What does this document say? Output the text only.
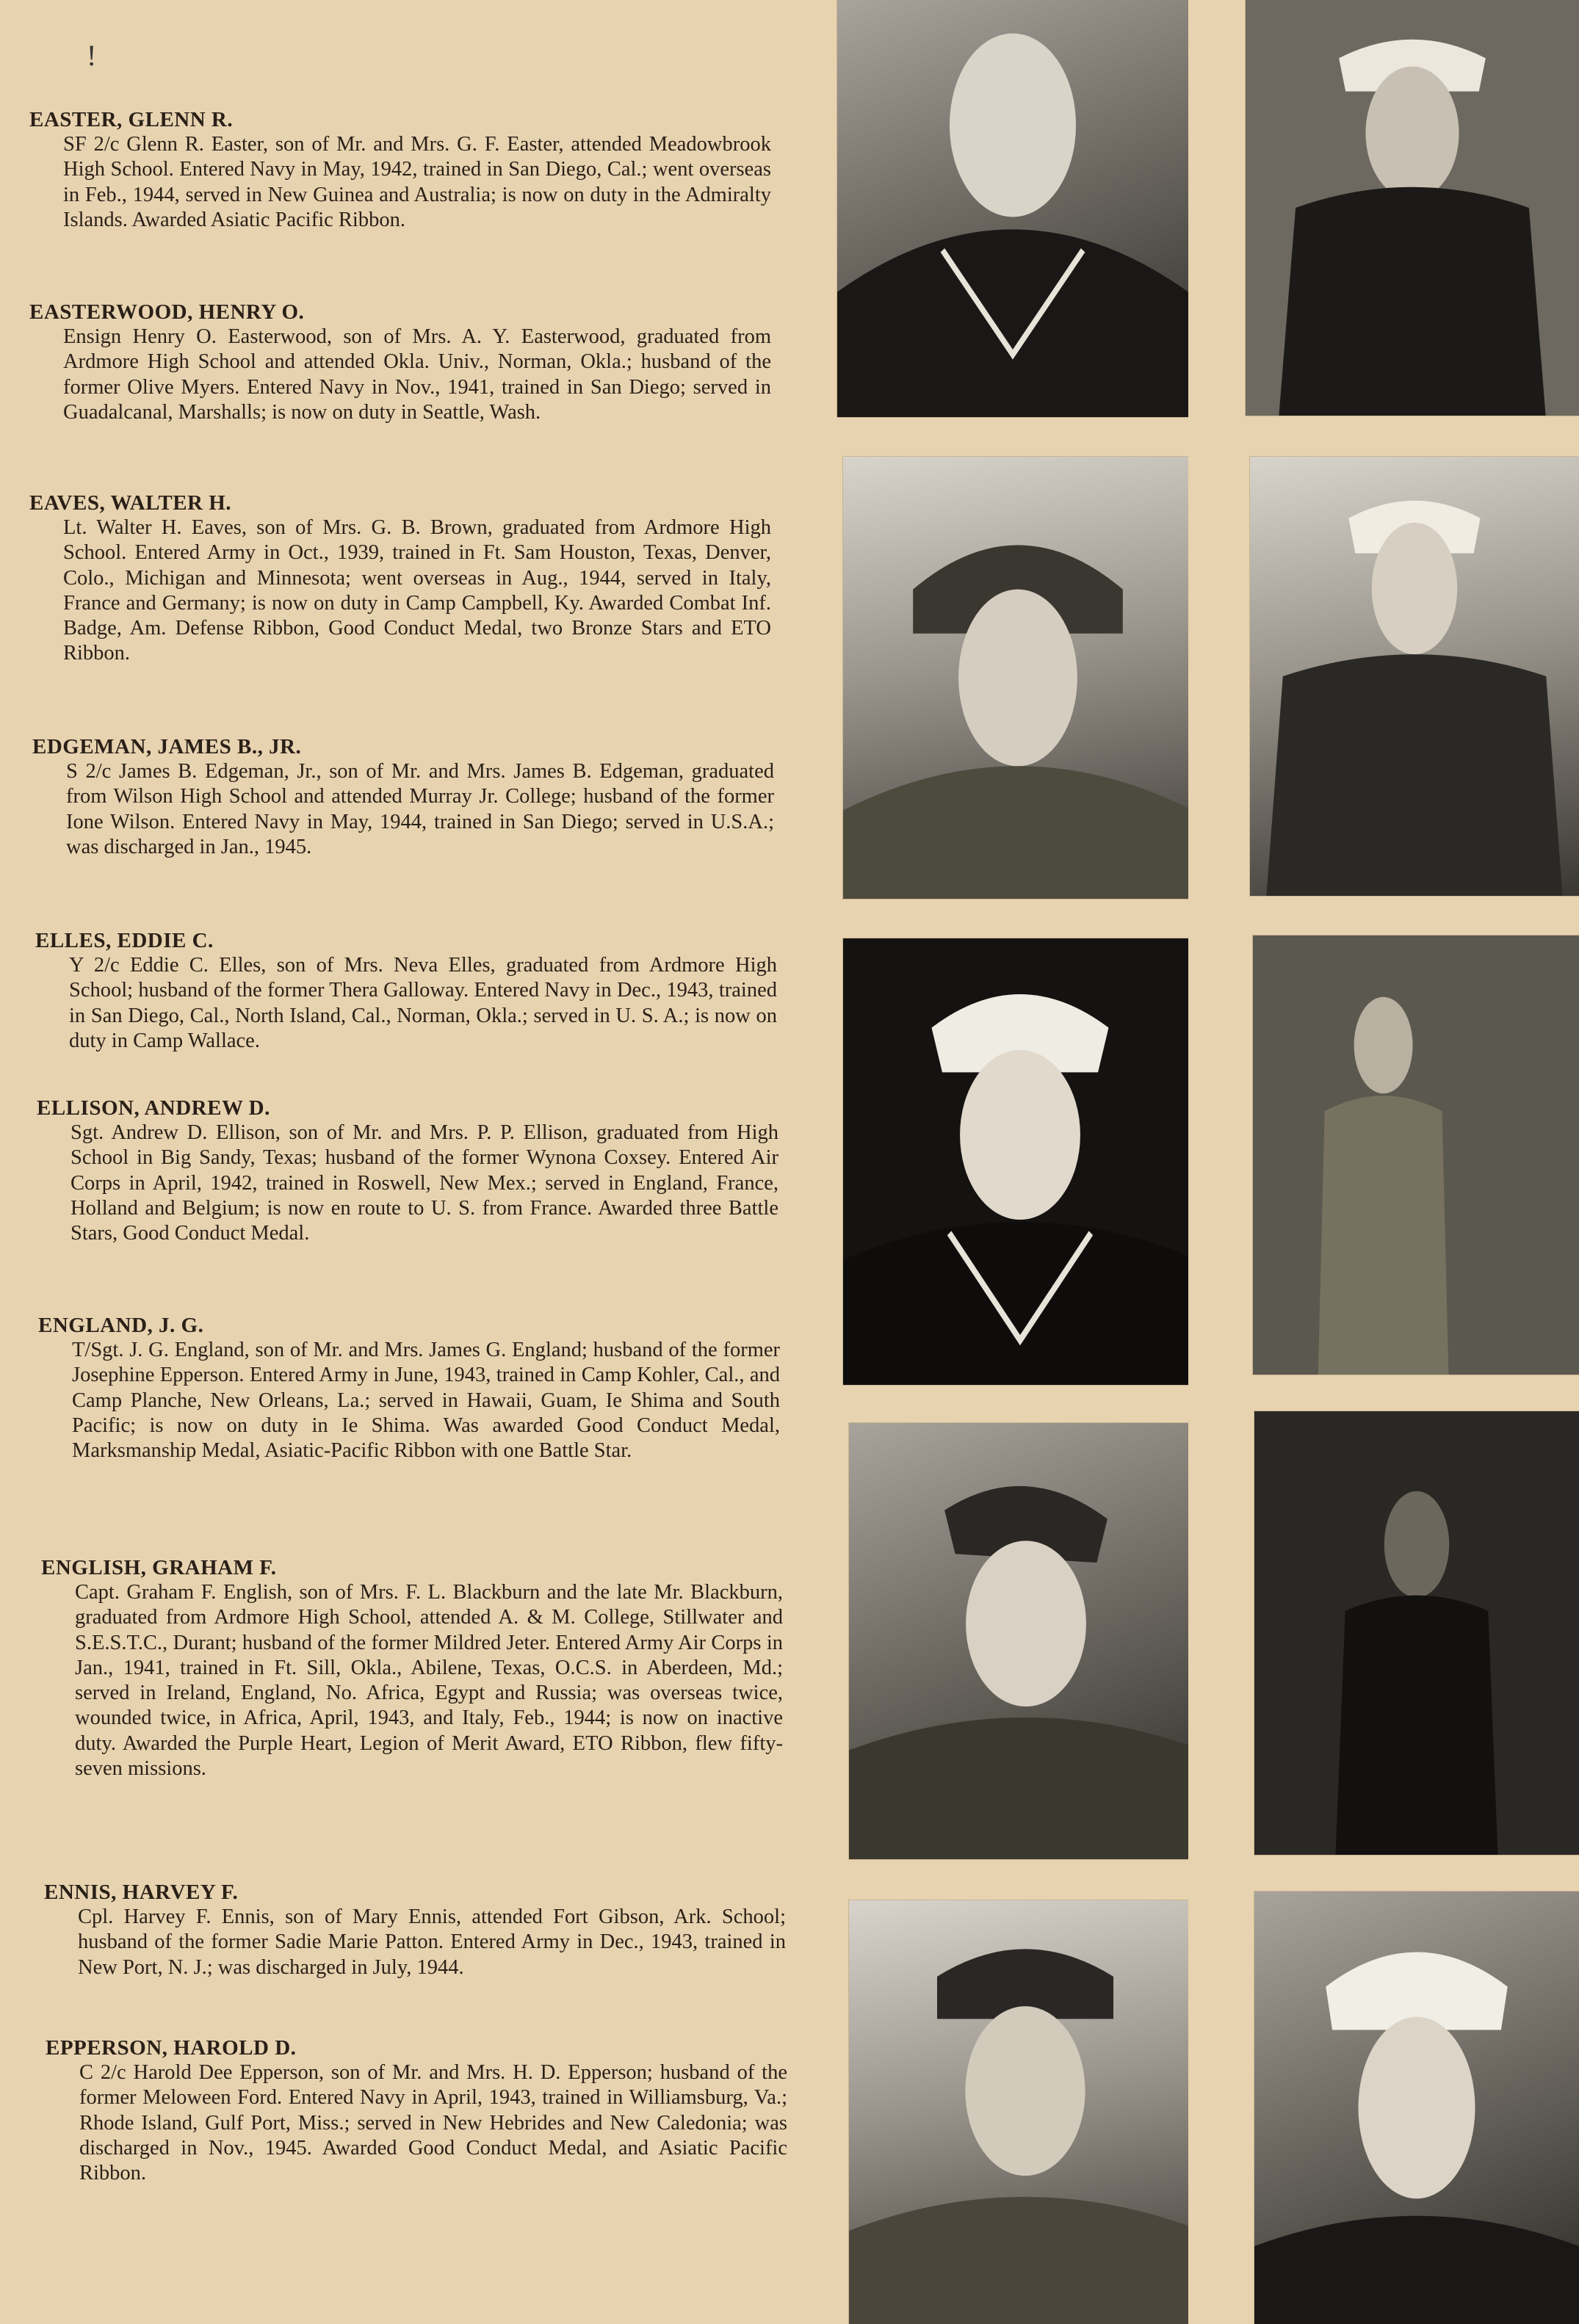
!

EASTER, GLENN R.

SF 2/c Glenn R. Easter, son of Mr. and Mrs. G. F. Easter, attended Meadowbrook High School. Entered Navy in May, 1942, trained in San Diego, Cal.; went overseas in Feb., 1944, served in New Guinea and Australia; is now on duty in the Admiralty Islands. Awarded Asiatic Pacific Ribbon.

EASTERWOOD, HENRY O.

Ensign Henry O. Easterwood, son of Mrs. A. Y. Easterwood, graduated from Ardmore High School and attended Okla. Univ., Norman, Okla.; husband of the former Olive Myers. Entered Navy in Nov., 1941, trained in San Diego; served in Guadalcanal, Marshalls; is now on duty in Seattle, Wash.

EAVES, WALTER H.

Lt. Walter H. Eaves, son of Mrs. G. B. Brown, graduated from Ardmore High School. Entered Army in Oct., 1939, trained in Ft. Sam Houston, Texas, Denver, Colo., Michigan and Minnesota; went overseas in Aug., 1944, served in Italy, France and Germany; is now on duty in Camp Campbell, Ky. Awarded Combat Inf. Badge, Am. Defense Ribbon, Good Conduct Medal, two Bronze Stars and ETO Ribbon.

EDGEMAN, JAMES B., JR.

S 2/c James B. Edgeman, Jr., son of Mr. and Mrs. James B. Edgeman, graduated from Wilson High School and attended Murray Jr. College; husband of the former Ione Wilson. Entered Navy in May, 1944, trained in San Diego; served in U.S.A.; was discharged in Jan., 1945.

ELLES, EDDIE C.

Y 2/c Eddie C. Elles, son of Mrs. Neva Elles, graduated from Ardmore High School; husband of the former Thera Galloway. Entered Navy in Dec., 1943, trained in San Diego, Cal., North Island, Cal., Norman, Okla.; served in U. S. A.; is now on duty in Camp Wallace.

ELLISON, ANDREW D.

Sgt. Andrew D. Ellison, son of Mr. and Mrs. P. P. Ellison, graduated from High School in Big Sandy, Texas; husband of the former Wynona Coxsey. Entered Air Corps in April, 1942, trained in Roswell, New Mex.; served in England, France, Holland and Belgium; is now en route to U. S. from France. Awarded three Battle Stars, Good Conduct Medal.

ENGLAND, J. G.

T/Sgt. J. G. England, son of Mr. and Mrs. James G. England; husband of the former Josephine Epperson. Entered Army in June, 1943, trained in Camp Kohler, Cal., and Camp Planche, New Orleans, La.; served in Hawaii, Guam, Ie Shima and South Pacific; is now on duty in Ie Shima. Was awarded Good Conduct Medal, Marksmanship Medal, Asiatic-Pacific Ribbon with one Battle Star.

ENGLISH, GRAHAM F.

Capt. Graham F. English, son of Mrs. F. L. Blackburn and the late Mr. Blackburn, graduated from Ardmore High School, attended A. & M. College, Stillwater and S.E.S.T.C., Durant; husband of the former Mildred Jeter. Entered Army Air Corps in Jan., 1941, trained in Ft. Sill, Okla., Abilene, Texas, O.C.S. in Aberdeen, Md.; served in Ireland, England, No. Africa, Egypt and Russia; was overseas twice, wounded twice, in Africa, April, 1943, and Italy, Feb., 1944; is now on inactive duty. Awarded the Purple Heart, Legion of Merit Award, ETO Ribbon, flew fifty-seven missions.

ENNIS, HARVEY F.

Cpl. Harvey F. Ennis, son of Mary Ennis, attended Fort Gibson, Ark. School; husband of the former Sadie Marie Patton. Entered Army in Dec., 1943, trained in New Port, N. J.; was discharged in July, 1944.

EPPERSON, HAROLD D.

C 2/c Harold Dee Epperson, son of Mr. and Mrs. H. D. Epperson; husband of the former Meloween Ford. Entered Navy in April, 1943, trained in Williamsburg, Va.; Rhode Island, Gulf Port, Miss.; served in New Hebrides and New Caledonia; was discharged in Nov., 1945. Awarded Good Conduct Medal, and Asiatic Pacific Ribbon.
